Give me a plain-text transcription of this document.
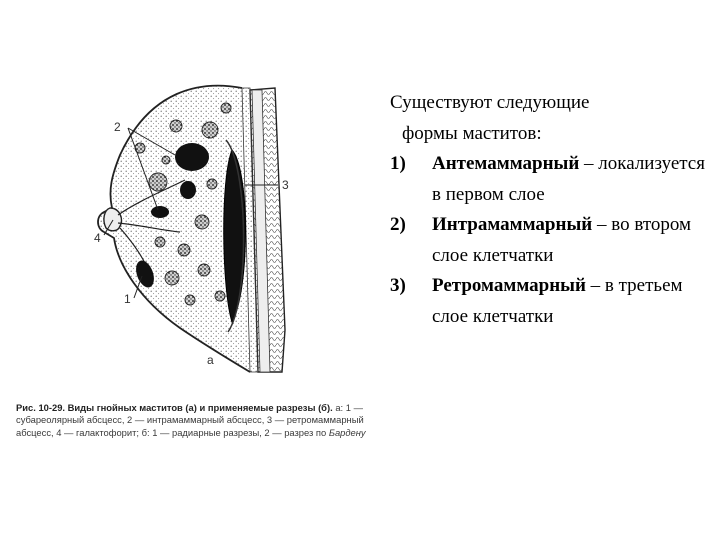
2
3
4
1
a
Рис. 10-29. Виды гнойных маститов (а) и применяемые разрезы (б). а: 1 — субареолярный абсцесс, 2 — интрамаммарный абсцесс, 3 — ретромаммарный абсцесс, 4 — галактофорит; б: 1 — радиарные разрезы, 2 — разрез по Бардену
Существуют следующие
формы маститов:
1) Антемаммарный – локализуется в первом слое
2) Интрамаммарный – во втором слое клетчатки
3) Ретромаммарный – в третьем слое клетчатки
